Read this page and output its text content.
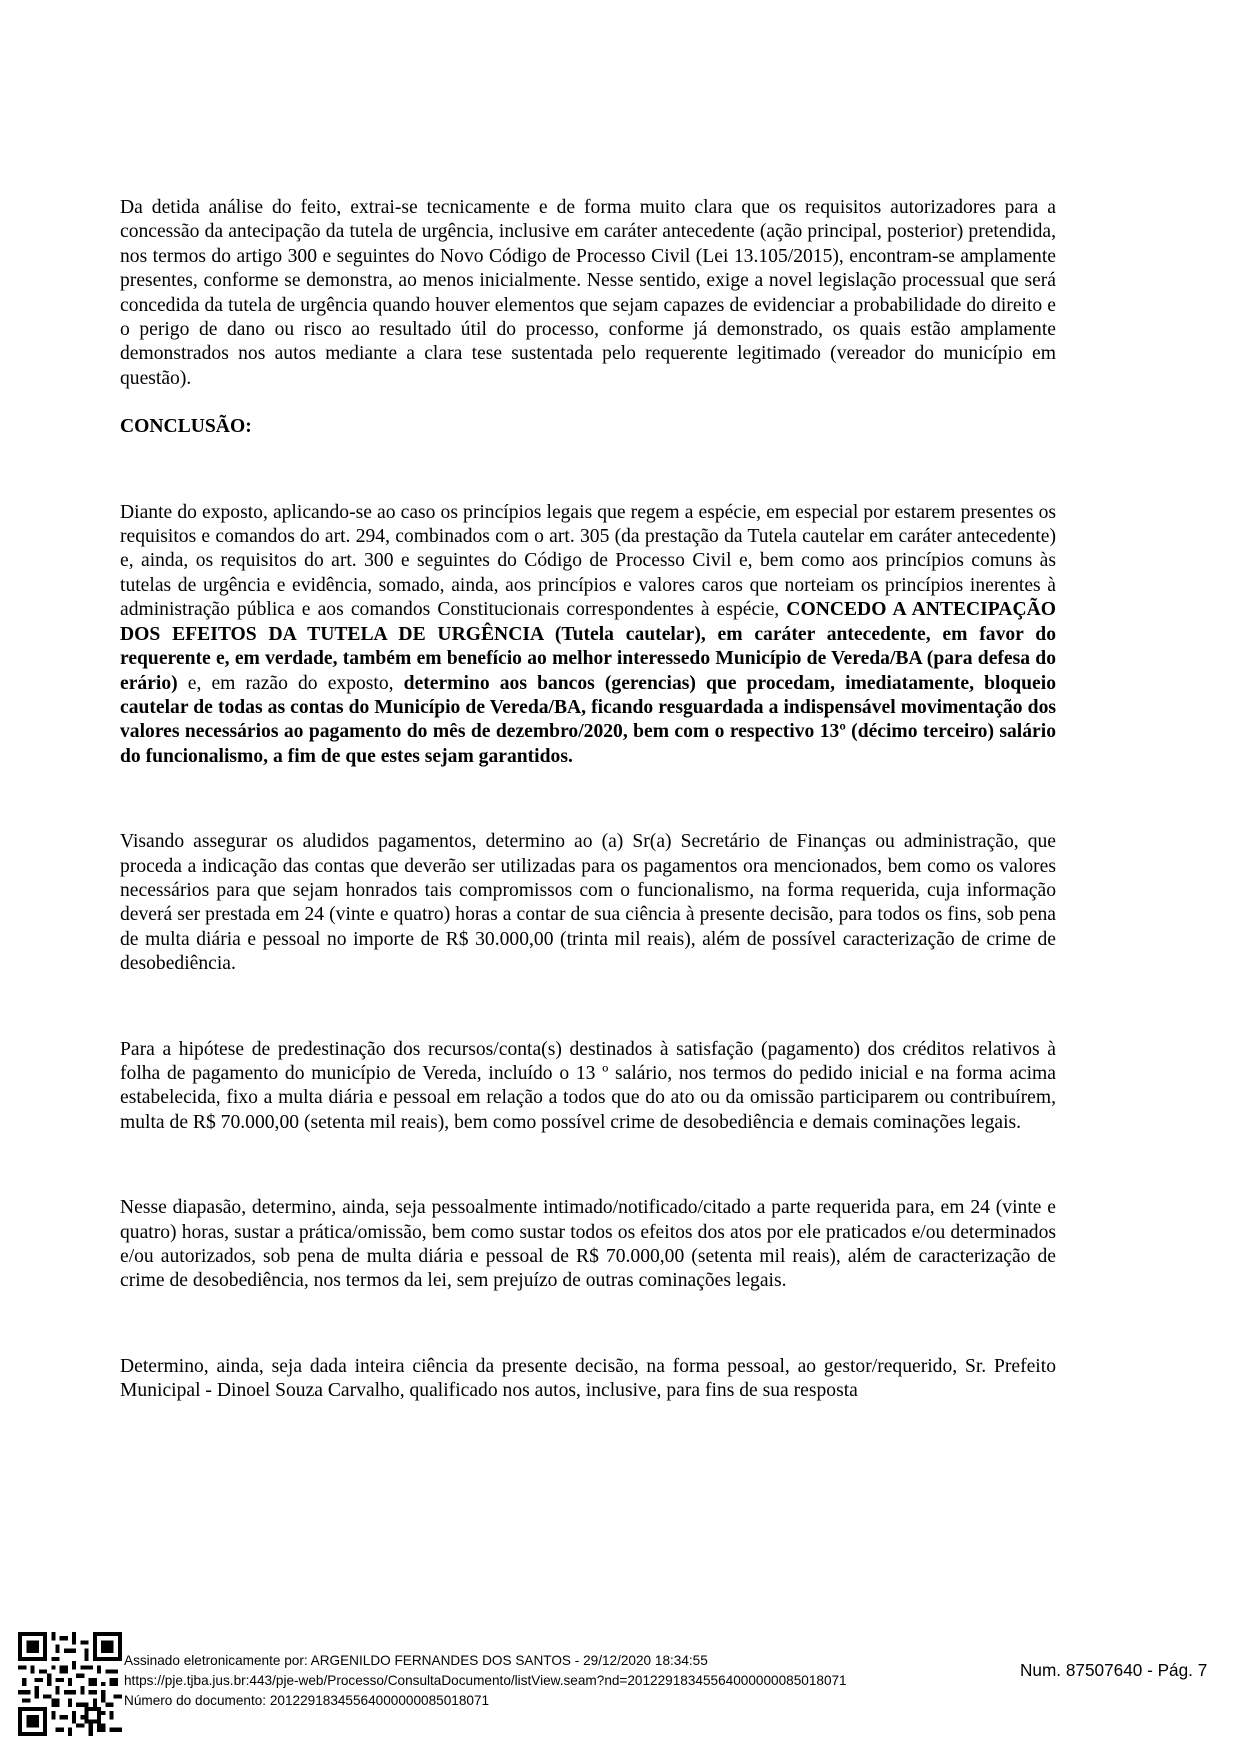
Da detida análise do feito, extrai-se tecnicamente e de forma muito clara que os requisitos autorizadores para a concessão da antecipação da tutela de urgência, inclusive em caráter antecedente (ação principal, posterior) pretendida, nos termos do artigo 300 e seguintes do Novo Código de Processo Civil (Lei 13.105/2015), encontram-se amplamente presentes, conforme se demonstra, ao menos inicialmente. Nesse sentido, exige a novel legislação processual que será concedida da tutela de urgência quando houver elementos que sejam capazes de evidenciar a probabilidade do direito e o perigo de dano ou risco ao resultado útil do processo, conforme já demonstrado, os quais estão amplamente demonstrados nos autos mediante a clara tese sustentada pelo requerente legitimado (vereador do município em questão).

CONCLUSÃO:

Diante do exposto, aplicando-se ao caso os princípios legais que regem a espécie, em especial por estarem presentes os requisitos e comandos do art. 294, combinados com o art. 305 (da prestação da Tutela cautelar em caráter antecedente) e, ainda, os requisitos do art. 300 e seguintes do Código de Processo Civil e, bem como aos princípios comuns às tutelas de urgência e evidência, somado, ainda, aos princípios e valores caros que norteiam os princípios inerentes à administração pública e aos comandos Constitucionais correspondentes à espécie, CONCEDO A ANTECIPAÇÃO DOS EFEITOS DA TUTELA DE URGÊNCIA (Tutela cautelar), em caráter antecedente, em favor do requerente e, em verdade, também em benefício ao melhor interessedo Município de Vereda/BA (para defesa do erário) e, em razão do exposto, determino aos bancos (gerencias) que procedam, imediatamente, bloqueio cautelar de todas as contas do Município de Vereda/BA, ficando resguardada a indispensável movimentação dos valores necessários ao pagamento do mês de dezembro/2020, bem com o respectivo 13º (décimo terceiro) salário do funcionalismo, a fim de que estes sejam garantidos.

Visando assegurar os aludidos pagamentos, determino ao (a) Sr(a) Secretário de Finanças ou administração, que proceda a indicação das contas que deverão ser utilizadas para os pagamentos ora mencionados, bem como os valores necessários para que sejam honrados tais compromissos com o funcionalismo, na forma requerida, cuja informação deverá ser prestada em 24 (vinte e quatro) horas a contar de sua ciência à presente decisão, para todos os fins, sob pena de multa diária e pessoal no importe de R$ 30.000,00 (trinta mil reais), além de possível caracterização de crime de desobediência.

Para a hipótese de predestinação dos recursos/conta(s) destinados à satisfação (pagamento) dos créditos relativos à folha de pagamento do município de Vereda, incluído o 13 º salário, nos termos do pedido inicial e na forma acima estabelecida, fixo a multa diária e pessoal em relação a todos que do ato ou da omissão participarem ou contribuírem, multa de R$ 70.000,00 (setenta mil reais), bem como possível crime de desobediência e demais cominações legais.

Nesse diapasão, determino, ainda, seja pessoalmente intimado/notificado/citado a parte requerida para, em 24 (vinte e quatro) horas, sustar a prática/omissão, bem como sustar todos os efeitos dos atos por ele praticados e/ou determinados e/ou autorizados, sob pena de multa diária e pessoal de R$ 70.000,00 (setenta mil reais), além de caracterização de crime de desobediência, nos termos da lei, sem prejuízo de outras cominações legais.

Determino, ainda, seja dada inteira ciência da presente decisão, na forma pessoal, ao gestor/requerido, Sr. Prefeito Municipal - Dinoel Souza Carvalho, qualificado nos autos, inclusive, para fins de sua resposta

Assinado eletronicamente por: ARGENILDO FERNANDES DOS SANTOS - 29/12/2020 18:34:55
https://pje.tjba.jus.br:443/pje-web/Processo/ConsultaDocumento/listView.seam?nd=20122918345564000000085018071
Número do documento: 20122918345564000000085018071
Num. 87507640 - Pág. 7
